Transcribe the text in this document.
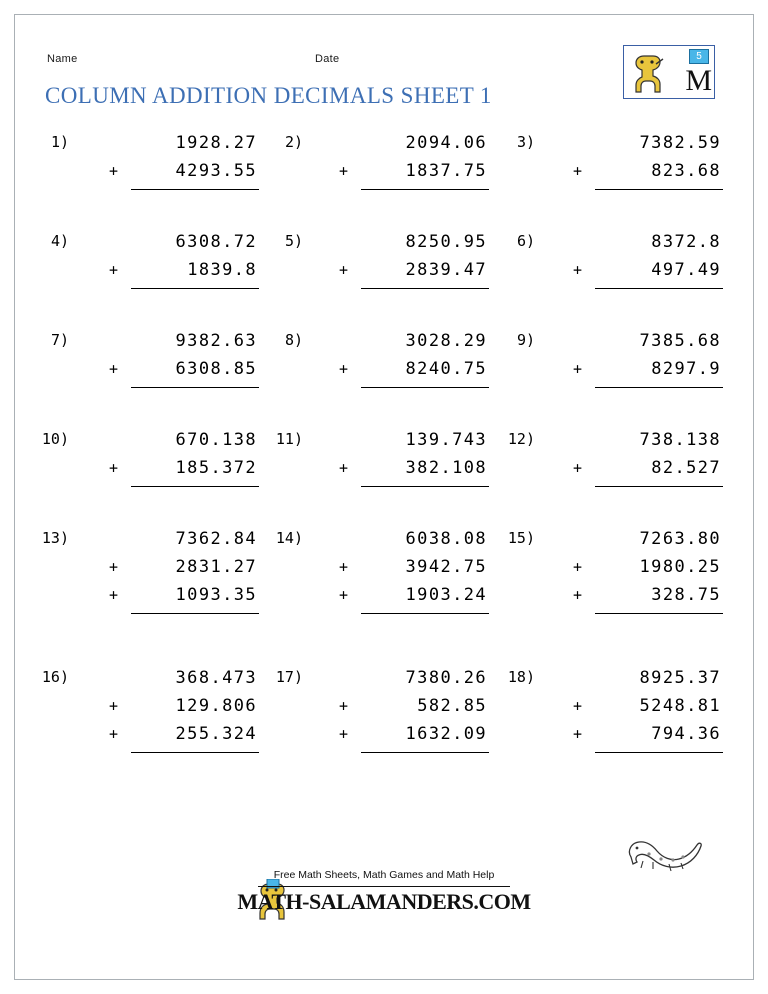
Name	Date
COLUMN ADDITION DECIMALS SHEET 1
5
M
1)	1928.27
+	4293.55
2)	2094.06
+	1837.75
3)	7382.59
+	823.68
4)	6308.72
+	1839.8
5)	8250.95
+	2839.47
6)	8372.8
+	497.49
7)	9382.63
+	6308.85
8)	3028.29
+	8240.75
9)	7385.68
+	8297.9
10)	670.138
+	185.372
11)	139.743
+	382.108
12)	738.138
+	82.527
13)	7362.84
+	2831.27
+	1093.35
14)	6038.08
+	3942.75
+	1903.24
15)	7263.80
+	1980.25
+	328.75
16)	368.473
+	129.806
+	255.324
17)	7380.26
+	582.85
+	1632.09
18)	8925.37
+	5248.81
+	794.36
Free Math Sheets, Math Games and Math Help
MATH-SALAMANDERS.COM
